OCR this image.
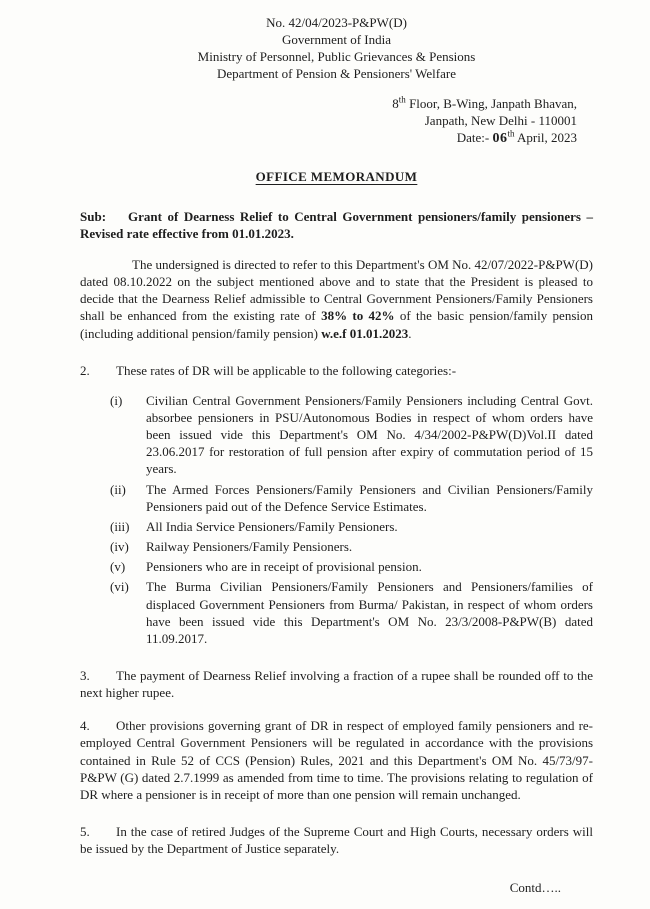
No. 42/04/2023-P&PW(D)
Government of India
Ministry of Personnel, Public Grievances & Pensions
Department of Pension & Pensioners' Welfare
8th Floor, B-Wing, Janpath Bhavan,
Janpath, New Delhi - 110001
Date:- 06th April, 2023
OFFICE MEMORANDUM

Sub: Grant of Dearness Relief to Central Government pensioners/family pensioners – Revised rate effective from 01.01.2023.

The undersigned is directed to refer to this Department's OM No. 42/07/2022-P&PW(D) dated 08.10.2022 on the subject mentioned above and to state that the President is pleased to decide that the Dearness Relief admissible to Central Government Pensioners/Family Pensioners shall be enhanced from the existing rate of 38% to 42% of the basic pension/family pension (including additional pension/family pension) w.e.f 01.01.2023.

2. These rates of DR will be applicable to the following categories:-

(i)	Civilian Central Government Pensioners/Family Pensioners including Central Govt. absorbee pensioners in PSU/Autonomous Bodies in respect of whom orders have been issued vide this Department's OM No. 4/34/2002-P&PW(D)Vol.II dated 23.06.2017 for restoration of full pension after expiry of commutation period of 15 years.
(ii)	The Armed Forces Pensioners/Family Pensioners and Civilian Pensioners/Family Pensioners paid out of the Defence Service Estimates.
(iii)	All India Service Pensioners/Family Pensioners.
(iv)	Railway Pensioners/Family Pensioners.
(v)	Pensioners who are in receipt of provisional pension.
(vi)	The Burma Civilian Pensioners/Family Pensioners and Pensioners/families of displaced Government Pensioners from Burma/ Pakistan, in respect of whom orders have been issued vide this Department's OM No. 23/3/2008-P&PW(B) dated 11.09.2017.

3. The payment of Dearness Relief involving a fraction of a rupee shall be rounded off to the next higher rupee.

4. Other provisions governing grant of DR in respect of employed family pensioners and re-employed Central Government Pensioners will be regulated in accordance with the provisions contained in Rule 52 of CCS (Pension) Rules, 2021 and this Department's OM No. 45/73/97-P&PW (G) dated 2.7.1999 as amended from time to time. The provisions relating to regulation of DR where a pensioner is in receipt of more than one pension will remain unchanged.

5. In the case of retired Judges of the Supreme Court and High Courts, necessary orders will be issued by the Department of Justice separately.

Contd…..
